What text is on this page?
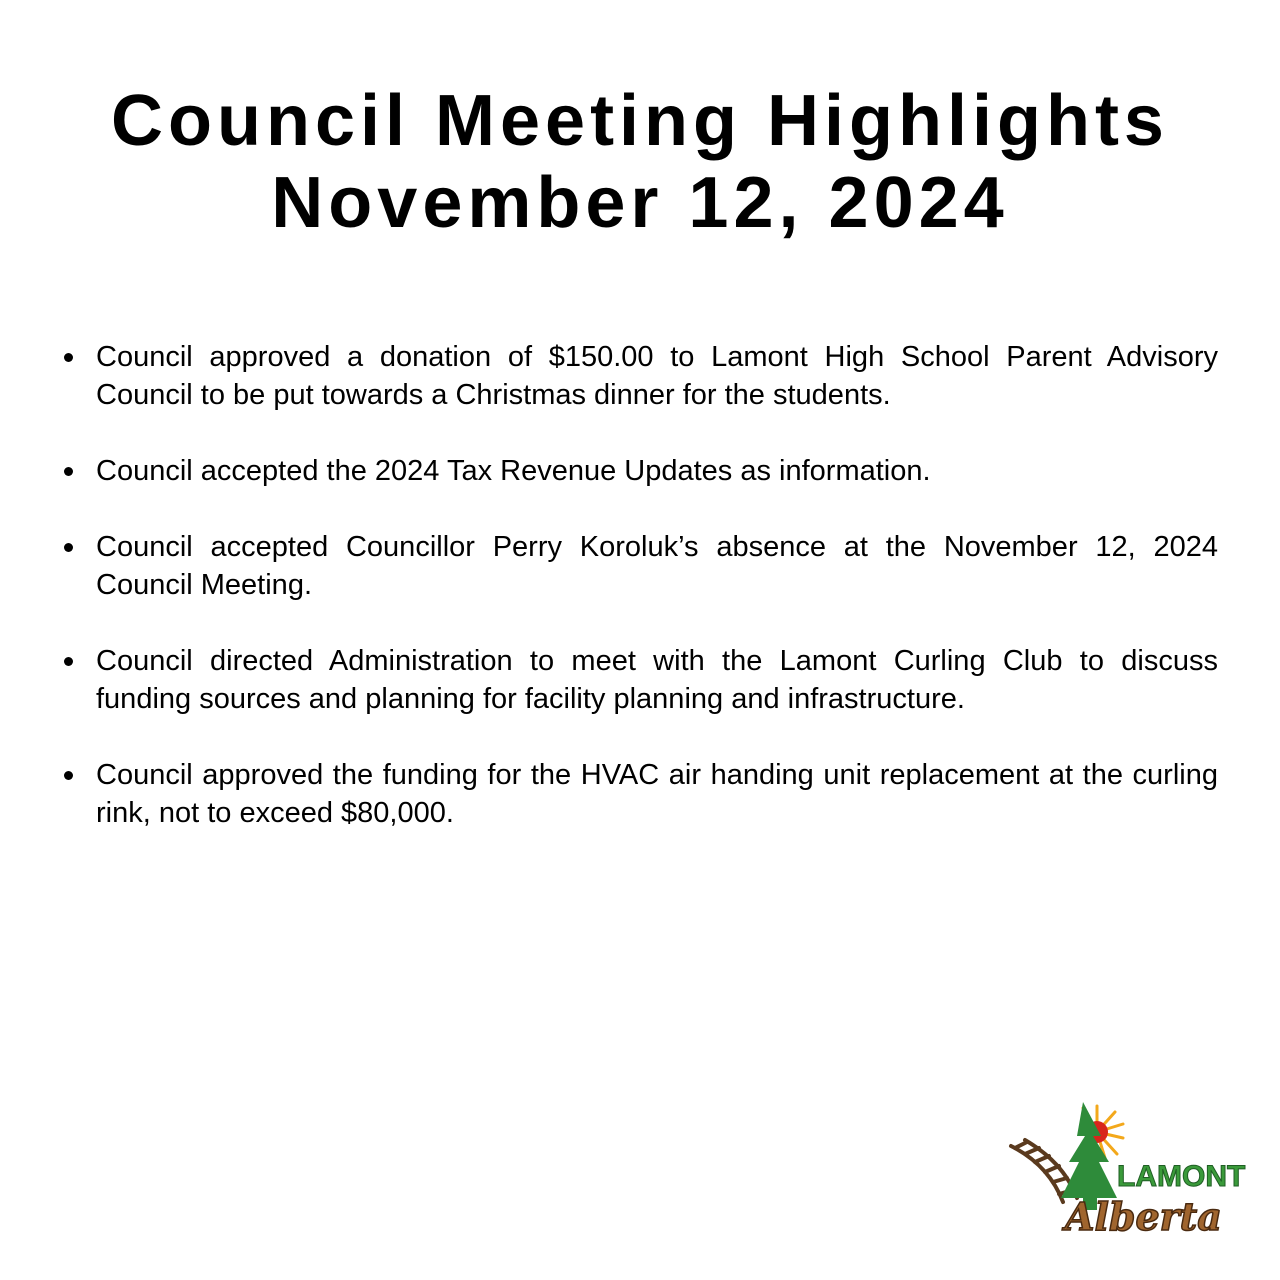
Council Meeting Highlights
November 12, 2024
Council approved a donation of $150.00 to Lamont High School Parent Advisory Council to be put towards a Christmas dinner for the students.
Council accepted the 2024 Tax Revenue Updates as information.
Council accepted Councillor Perry Koroluk’s absence at the November 12, 2024 Council Meeting.
Council directed Administration to meet with the Lamont Curling Club to discuss funding sources and planning for facility planning and infrastructure.
Council approved the funding for the HVAC air handing unit replacement at the curling rink, not to exceed $80,000.
LAMONT
Alberta
